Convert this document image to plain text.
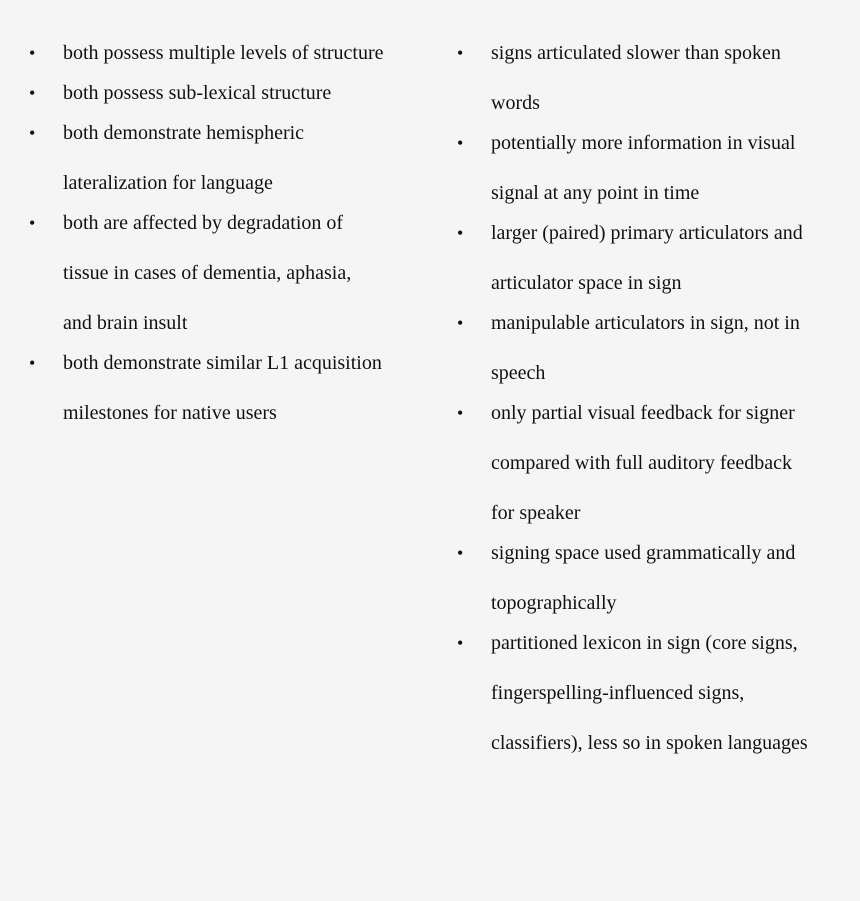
•	both possess multiple levels of structure
•	both possess sub-lexical structure
•	both demonstrate hemispheric
lateralization for language
•	both are affected by degradation of
tissue in cases of dementia, aphasia,
and brain insult
•	both demonstrate similar L1 acquisition
milestones for native users
•	signs articulated slower than spoken
words
•	potentially more information in visual
signal at any point in time
•	larger (paired) primary articulators and
articulator space in sign
•	manipulable articulators in sign, not in
speech
•	only partial visual feedback for signer
compared with full auditory feedback
for speaker
•	signing space used grammatically and
topographically
•	partitioned lexicon in sign (core signs,
fingerspelling-influenced signs,
classifiers), less so in spoken languages
